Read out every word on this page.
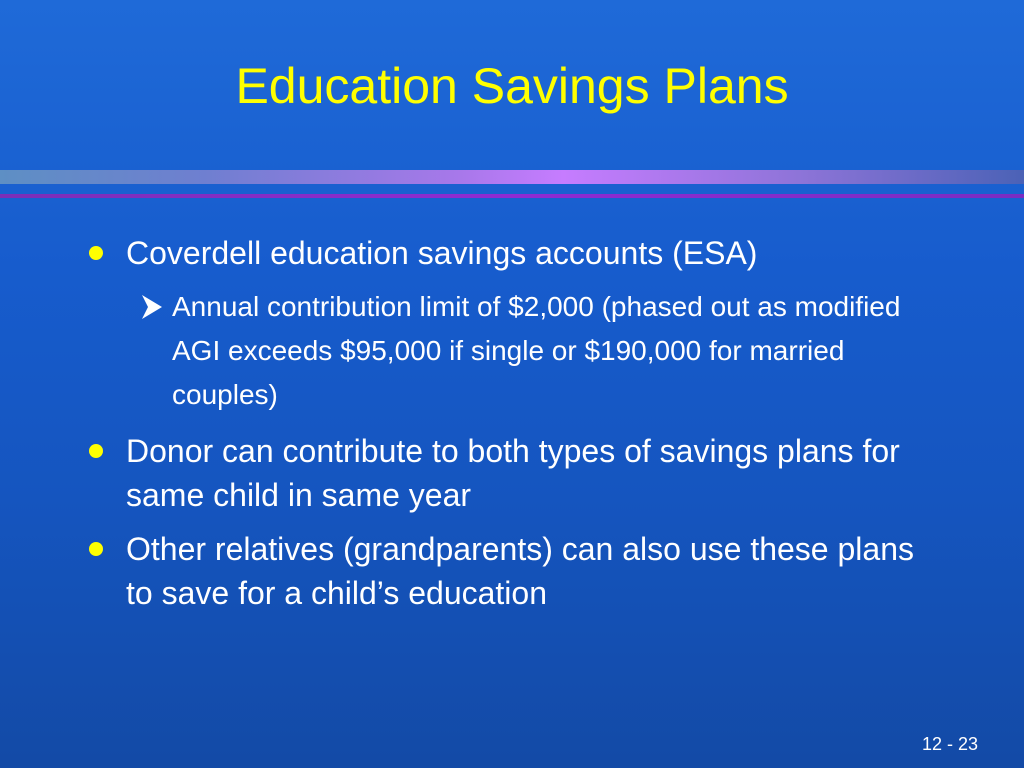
Education Savings Plans
Coverdell education savings accounts (ESA)
Annual contribution limit of $2,000 (phased out as modified AGI exceeds $95,000 if single or $190,000 for married couples)
Donor can contribute to both types of savings plans for same child in same year
Other relatives (grandparents) can also use these plans to save for a child’s education
12 - 23
